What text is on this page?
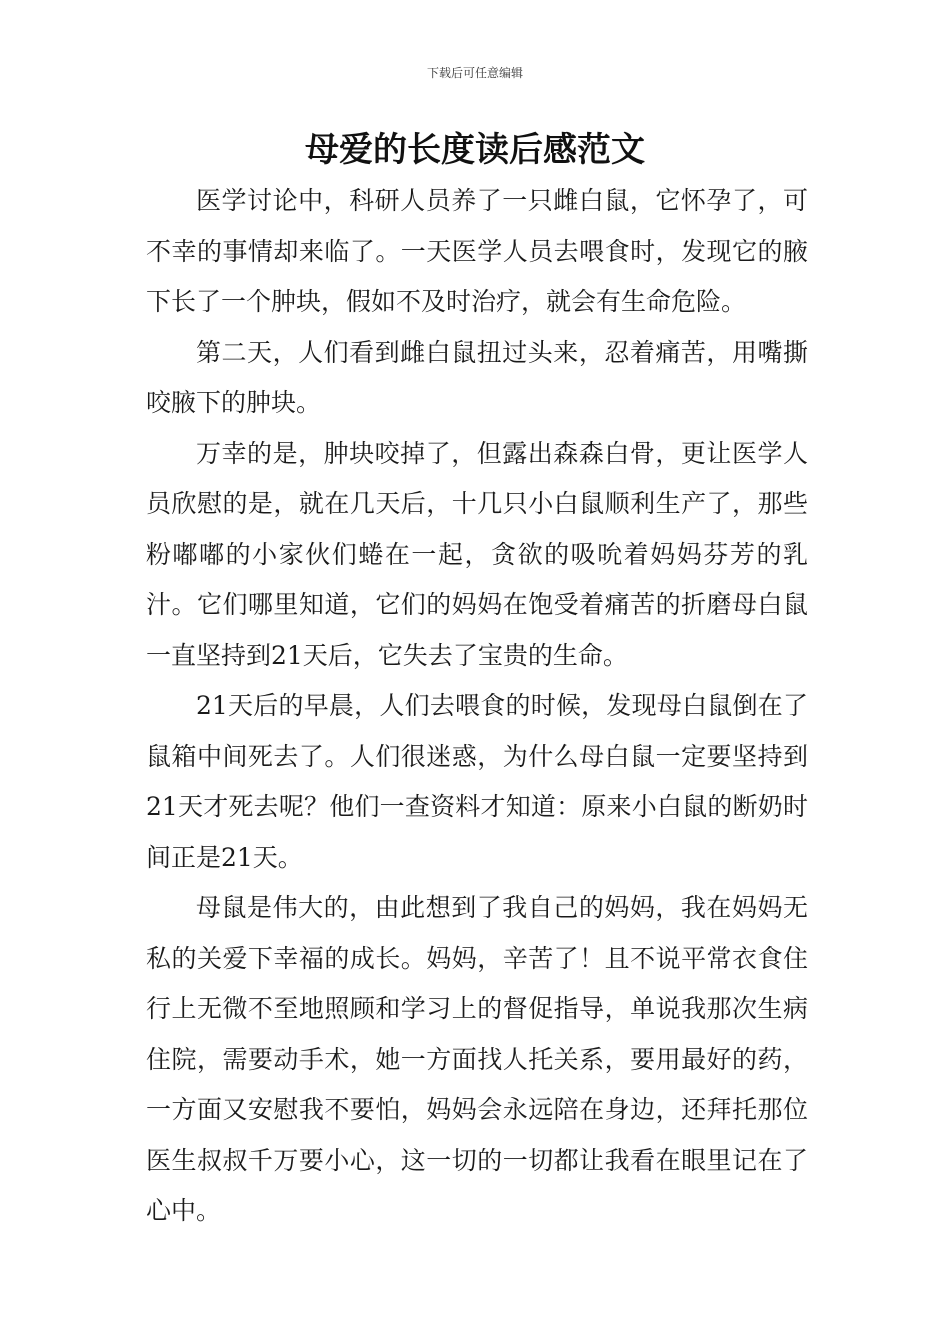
下载后可任意编辑
母爱的长度读后感范文

医学讨论中，科研人员养了一只雌白鼠，它怀孕了，可不幸的事情却来临了。一天医学人员去喂食时，发现它的腋下长了一个肿块，假如不及时治疗，就会有生命危险。

第二天，人们看到雌白鼠扭过头来，忍着痛苦，用嘴撕咬腋下的肿块。

万幸的是，肿块咬掉了，但露出森森白骨，更让医学人员欣慰的是，就在几天后，十几只小白鼠顺利生产了，那些粉嘟嘟的小家伙们蜷在一起，贪欲的吸吮着妈妈芬芳的乳汁。它们哪里知道，它们的妈妈在饱受着痛苦的折磨母白鼠一直坚持到21天后，它失去了宝贵的生命。

21天后的早晨，人们去喂食的时候，发现母白鼠倒在了鼠箱中间死去了。人们很迷惑，为什么母白鼠一定要坚持到21天才死去呢？他们一查资料才知道：原来小白鼠的断奶时间正是21天。

母鼠是伟大的，由此想到了我自己的妈妈，我在妈妈无私的关爱下幸福的成长。妈妈，辛苦了！且不说平常衣食住行上无微不至地照顾和学习上的督促指导，单说我那次生病住院，需要动手术，她一方面找人托关系，要用最好的药，一方面又安慰我不要怕，妈妈会永远陪在身边，还拜托那位医生叔叔千万要小心，这一切的一切都让我看在眼里记在了心中。
